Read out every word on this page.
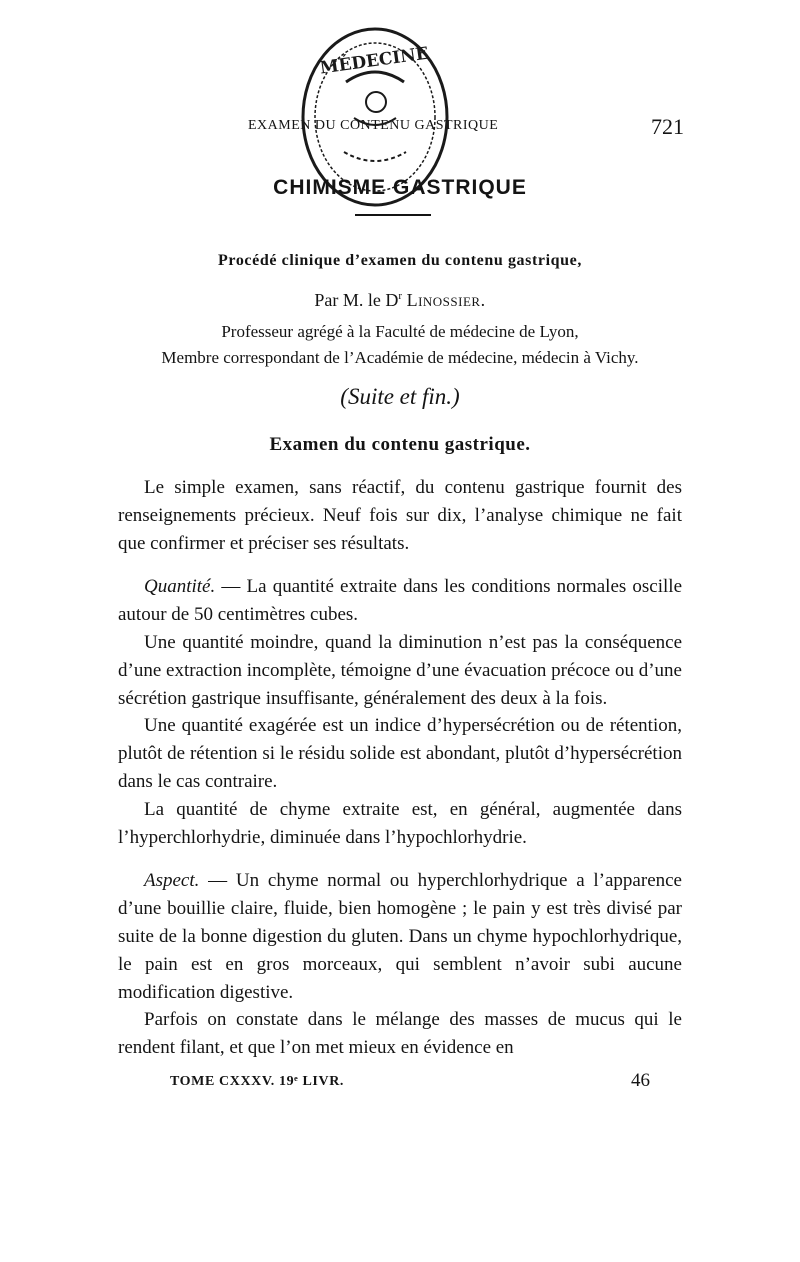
EXAMEN DU CONTENU GASTRIQUE	721
MÉDECINE
CHIMISME GASTRIQUE
Procédé clinique d’examen du contenu gastrique,
Par M. le $D^r$ Linossier.
Professeur agrégé à la Faculté de médecine de Lyon,
Membre correspondant de l’Académie de médecine, médecin à Vichy.
(Suite et fin.)
Examen du contenu gastrique.

Le simple examen, sans réactif, du contenu gastrique fournit des renseignements précieux. Neuf fois sur dix, l’analyse chimique ne fait que confirmer et préciser ses résultats.

Quantité. — La quantité extraite dans les conditions normales oscille autour de 50 centimètres cubes.

Une quantité moindre, quand la diminution n’est pas la conséquence d’une extraction incomplète, témoigne d’une évacuation précoce ou d’une sécrétion gastrique insuffisante, généralement des deux à la fois.

Une quantité exagérée est un indice d’hypersécrétion ou de rétention, plutôt de rétention si le résidu solide est abondant, plutôt d’hypersécrétion dans le cas contraire.

La quantité de chyme extraite est, en général, augmentée dans l’hyperchlorhydrie, diminuée dans l’hypochlorhydrie.

Aspect. — Un chyme normal ou hyperchlorhydrique a l’apparence d’une bouillie claire, fluide, bien homogène ; le pain y est très divisé par suite de la bonne digestion du gluten. Dans un chyme hypochlorhydrique, le pain est en gros morceaux, qui semblent n’avoir subi aucune modification digestive.

Parfois on constate dans le mélange des masses de mucus qui le rendent filant, et que l’on met mieux en évidence en

TOME CXXXV. 19ᵉ LIVR.	46
